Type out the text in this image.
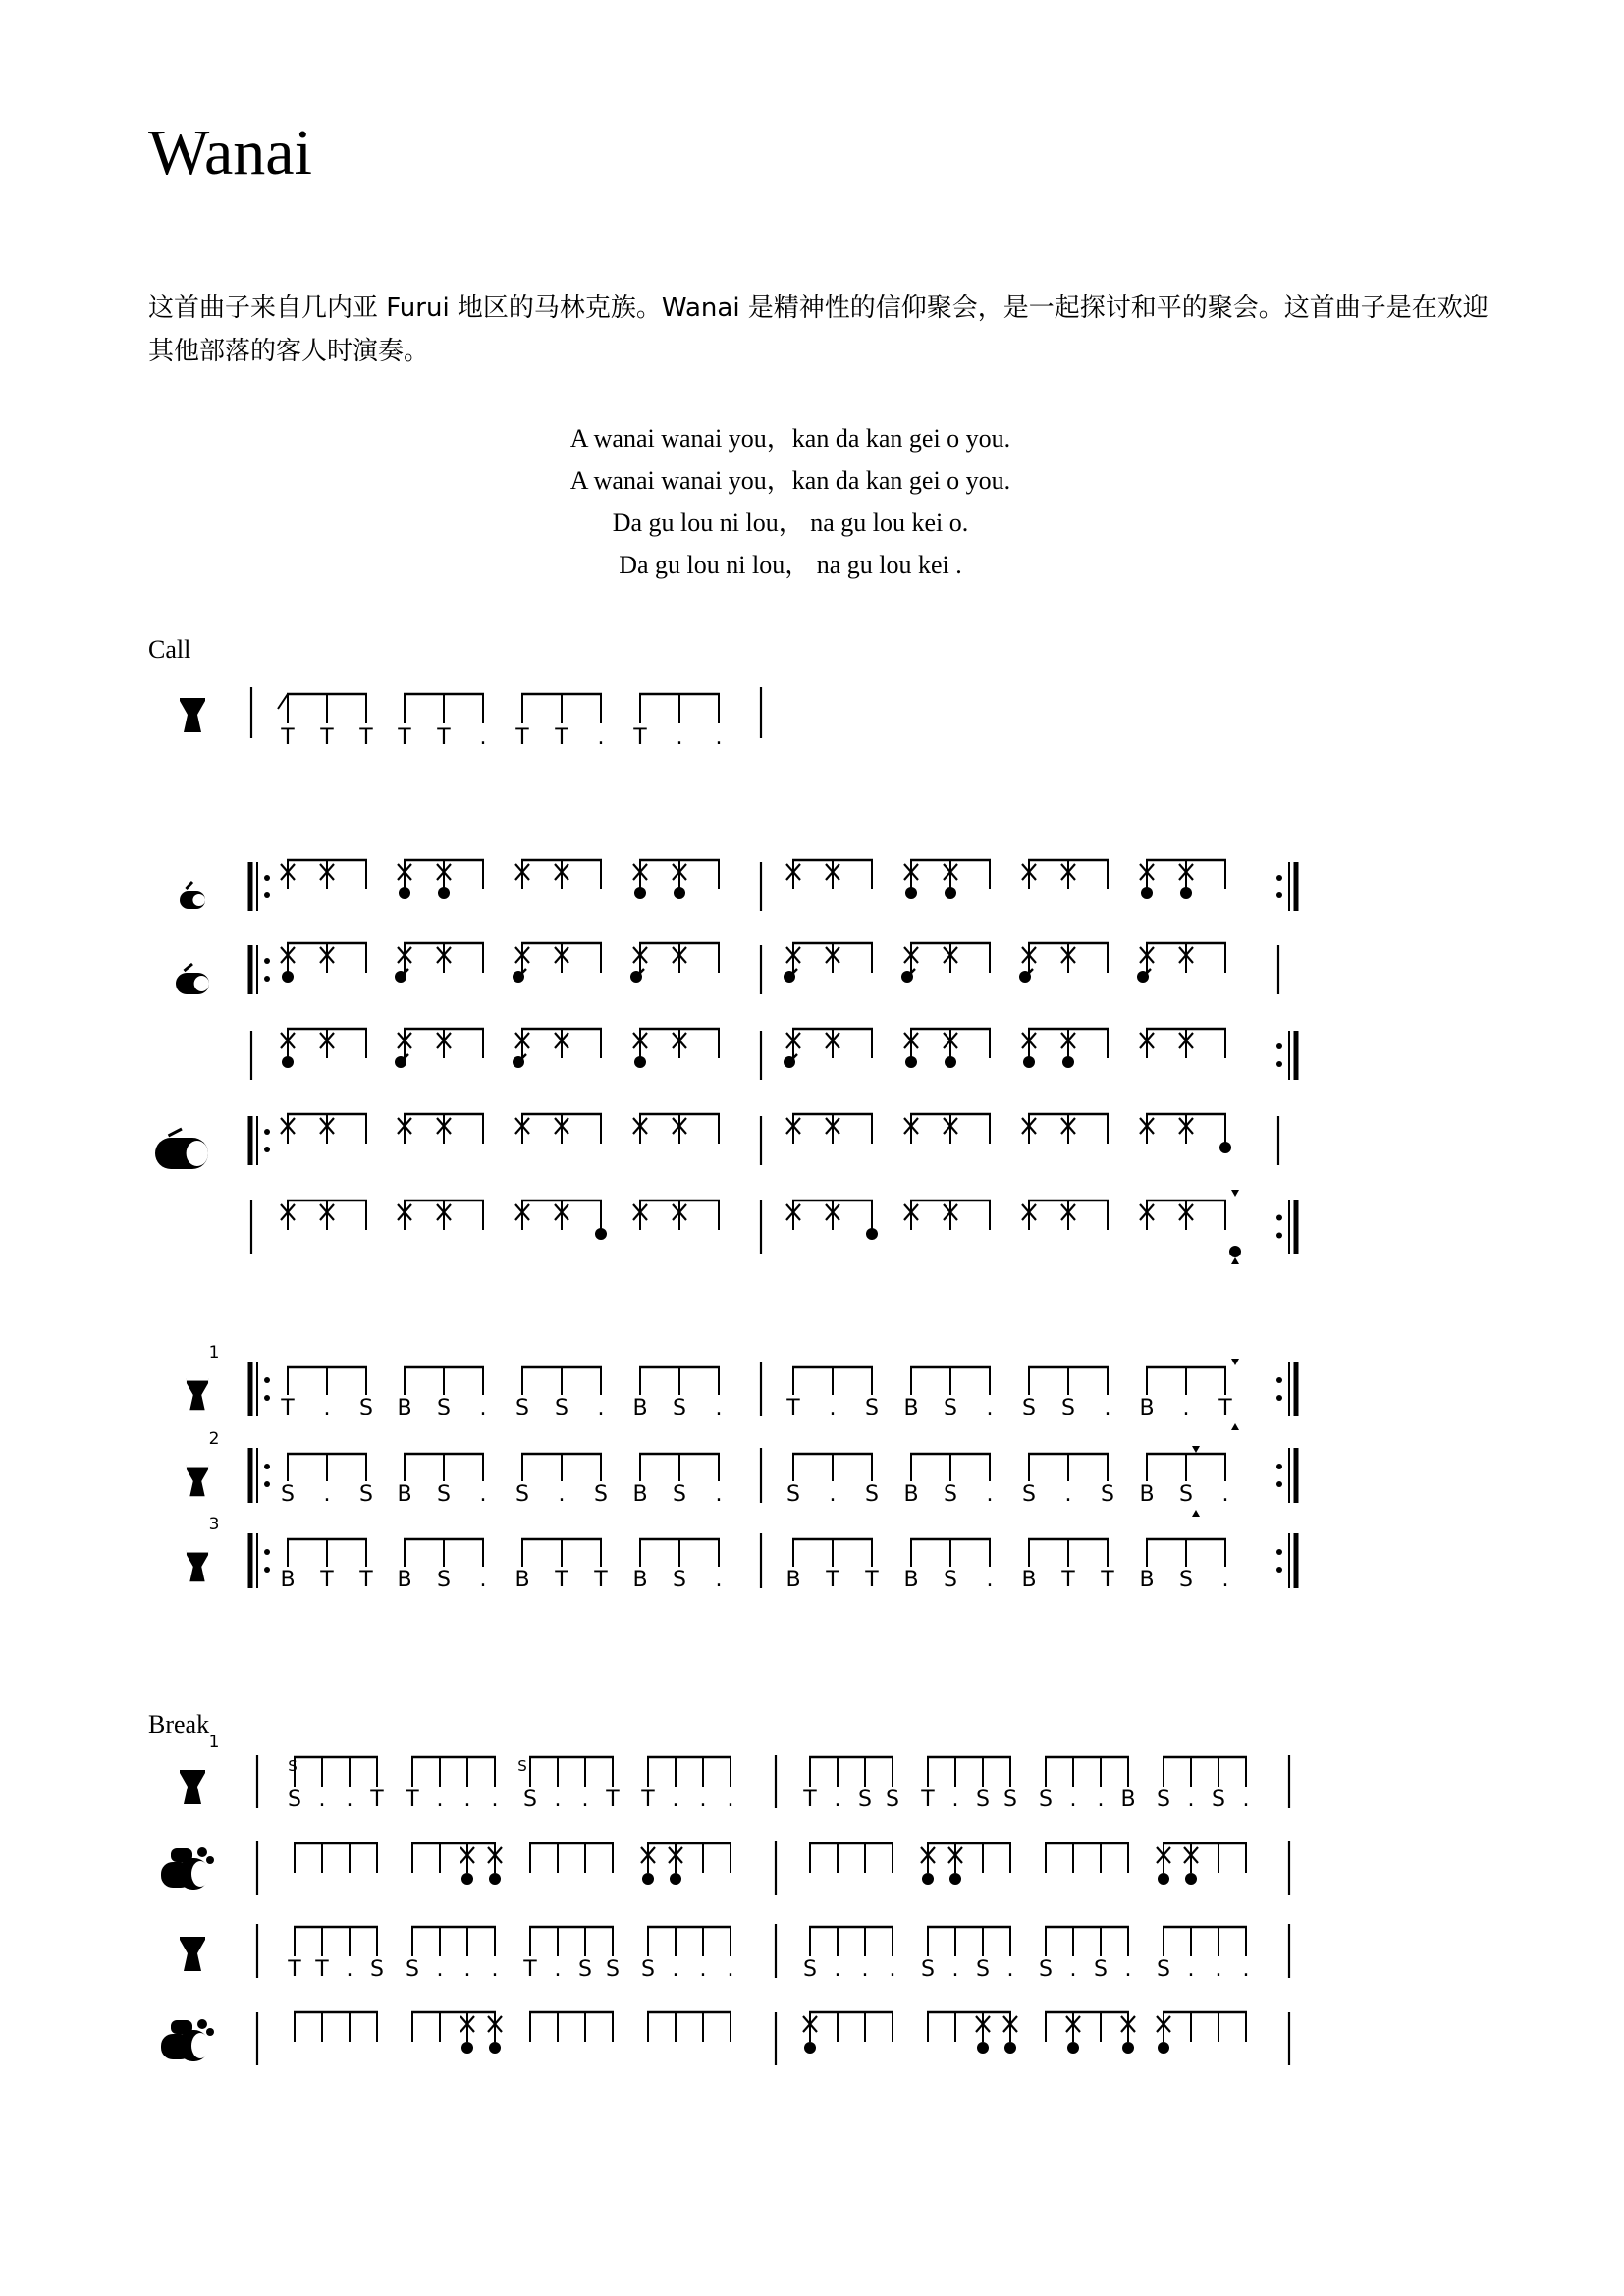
Wanai
这首曲子来自几内亚 Furui 地区的马林克族。Wanai 是精神性的信仰聚会，是一起探讨和平的聚会。这首曲子是在欢迎其他部落的客人时演奏。
A wanai wanai you，kan da kan gei o you.
A wanai wanai you，kan da kan gei o you.
Da gu lou ni lou， na gu lou kei o.
Da gu lou ni lou， na gu lou kei .
Call
Break
T T T T T . T T . T . .
1
T . S B S . S S . B S .	T . S B S . S S . B . T
2
S . S B S . S . S B S .	S . S B S . S . S B S .
3
B T T B S . B T T B S .	B T T B S . B T T B S .
1
S . . T T . . . S . . T T . . .	T . S S T . S S S . . B S . S .
S	S
T T . S S . . . T . S S S . . .	S . . . S . S . S . S . S . . .
